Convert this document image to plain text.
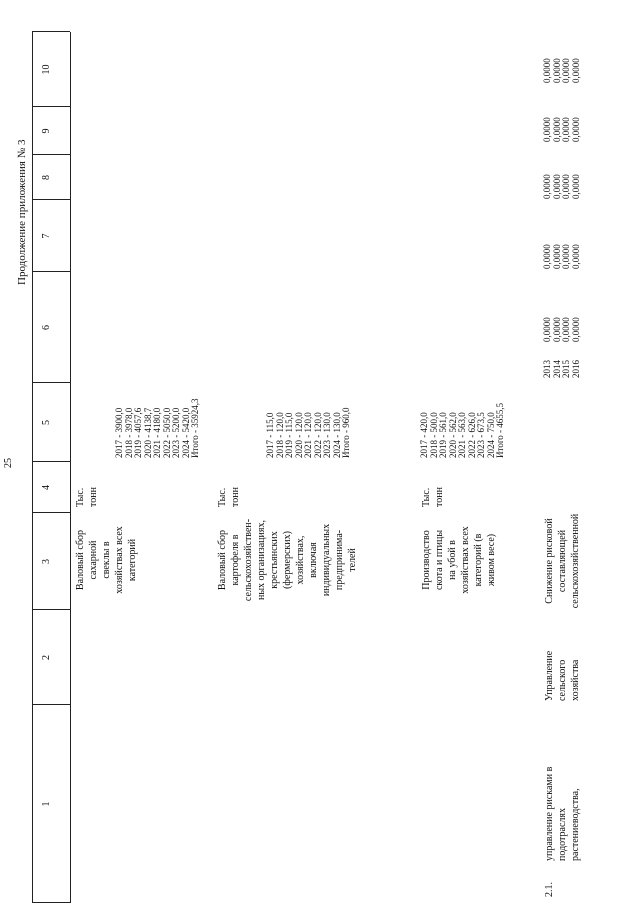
25
Продолжение приложения № 3
1
2
3
4
5
6
7
8
9
10
Валовый сбор
сахарной
свеклы в
хозяйствах всех
категорий
Тыс.
тонн
2017 - 3900,0
2018 - 3978,0
2019 - 4057,6
2020 - 4138,7
2021 - 4180,0
2022 - 5050,0
2023 - 5200,0
2024 - 5420,0
Итого - 35924,3
Валовый сбор
картофеля в
сельскохозяйствен-
ных организациях,
крестьянских
(фермерских)
хозяйствах,
включая
индивидуальных
предпринима-
телей
Тыс.
тонн
2017 - 115,0
2018 - 120,0
2019 - 115,0
2020 - 120,0
2021 - 120,0
2022 - 120,0
2023 - 130,0
2024 - 130,0
Итого - 960,0
Производство
скота и птицы
на убой в
хозяйствах всех
категорий (в
живом весе)
Тыс.
тонн
2017 - 420,0
2018 - 500,0
2019 - 561,0
2020 - 562,0
2021 - 563,0
2022 - 626,0
2023 - 673,5
2024 - 750,0
Итого - 4655,5
2.1.
управление рисками в
подотраслях
растениеводства,
Управление
сельского
хозяйства
Снижение рисковой
составляющей
сельскохозяйственной
2013
2014
2015
2016
0,0000
0,0000
0,0000
0,0000
0,0000
0,0000
0,0000
0,0000
0,0000
0,0000
0,0000
0,0000
0,0000
0,0000
0,0000
0,0000
0,0000
0,0000
0,0000
0,0000
